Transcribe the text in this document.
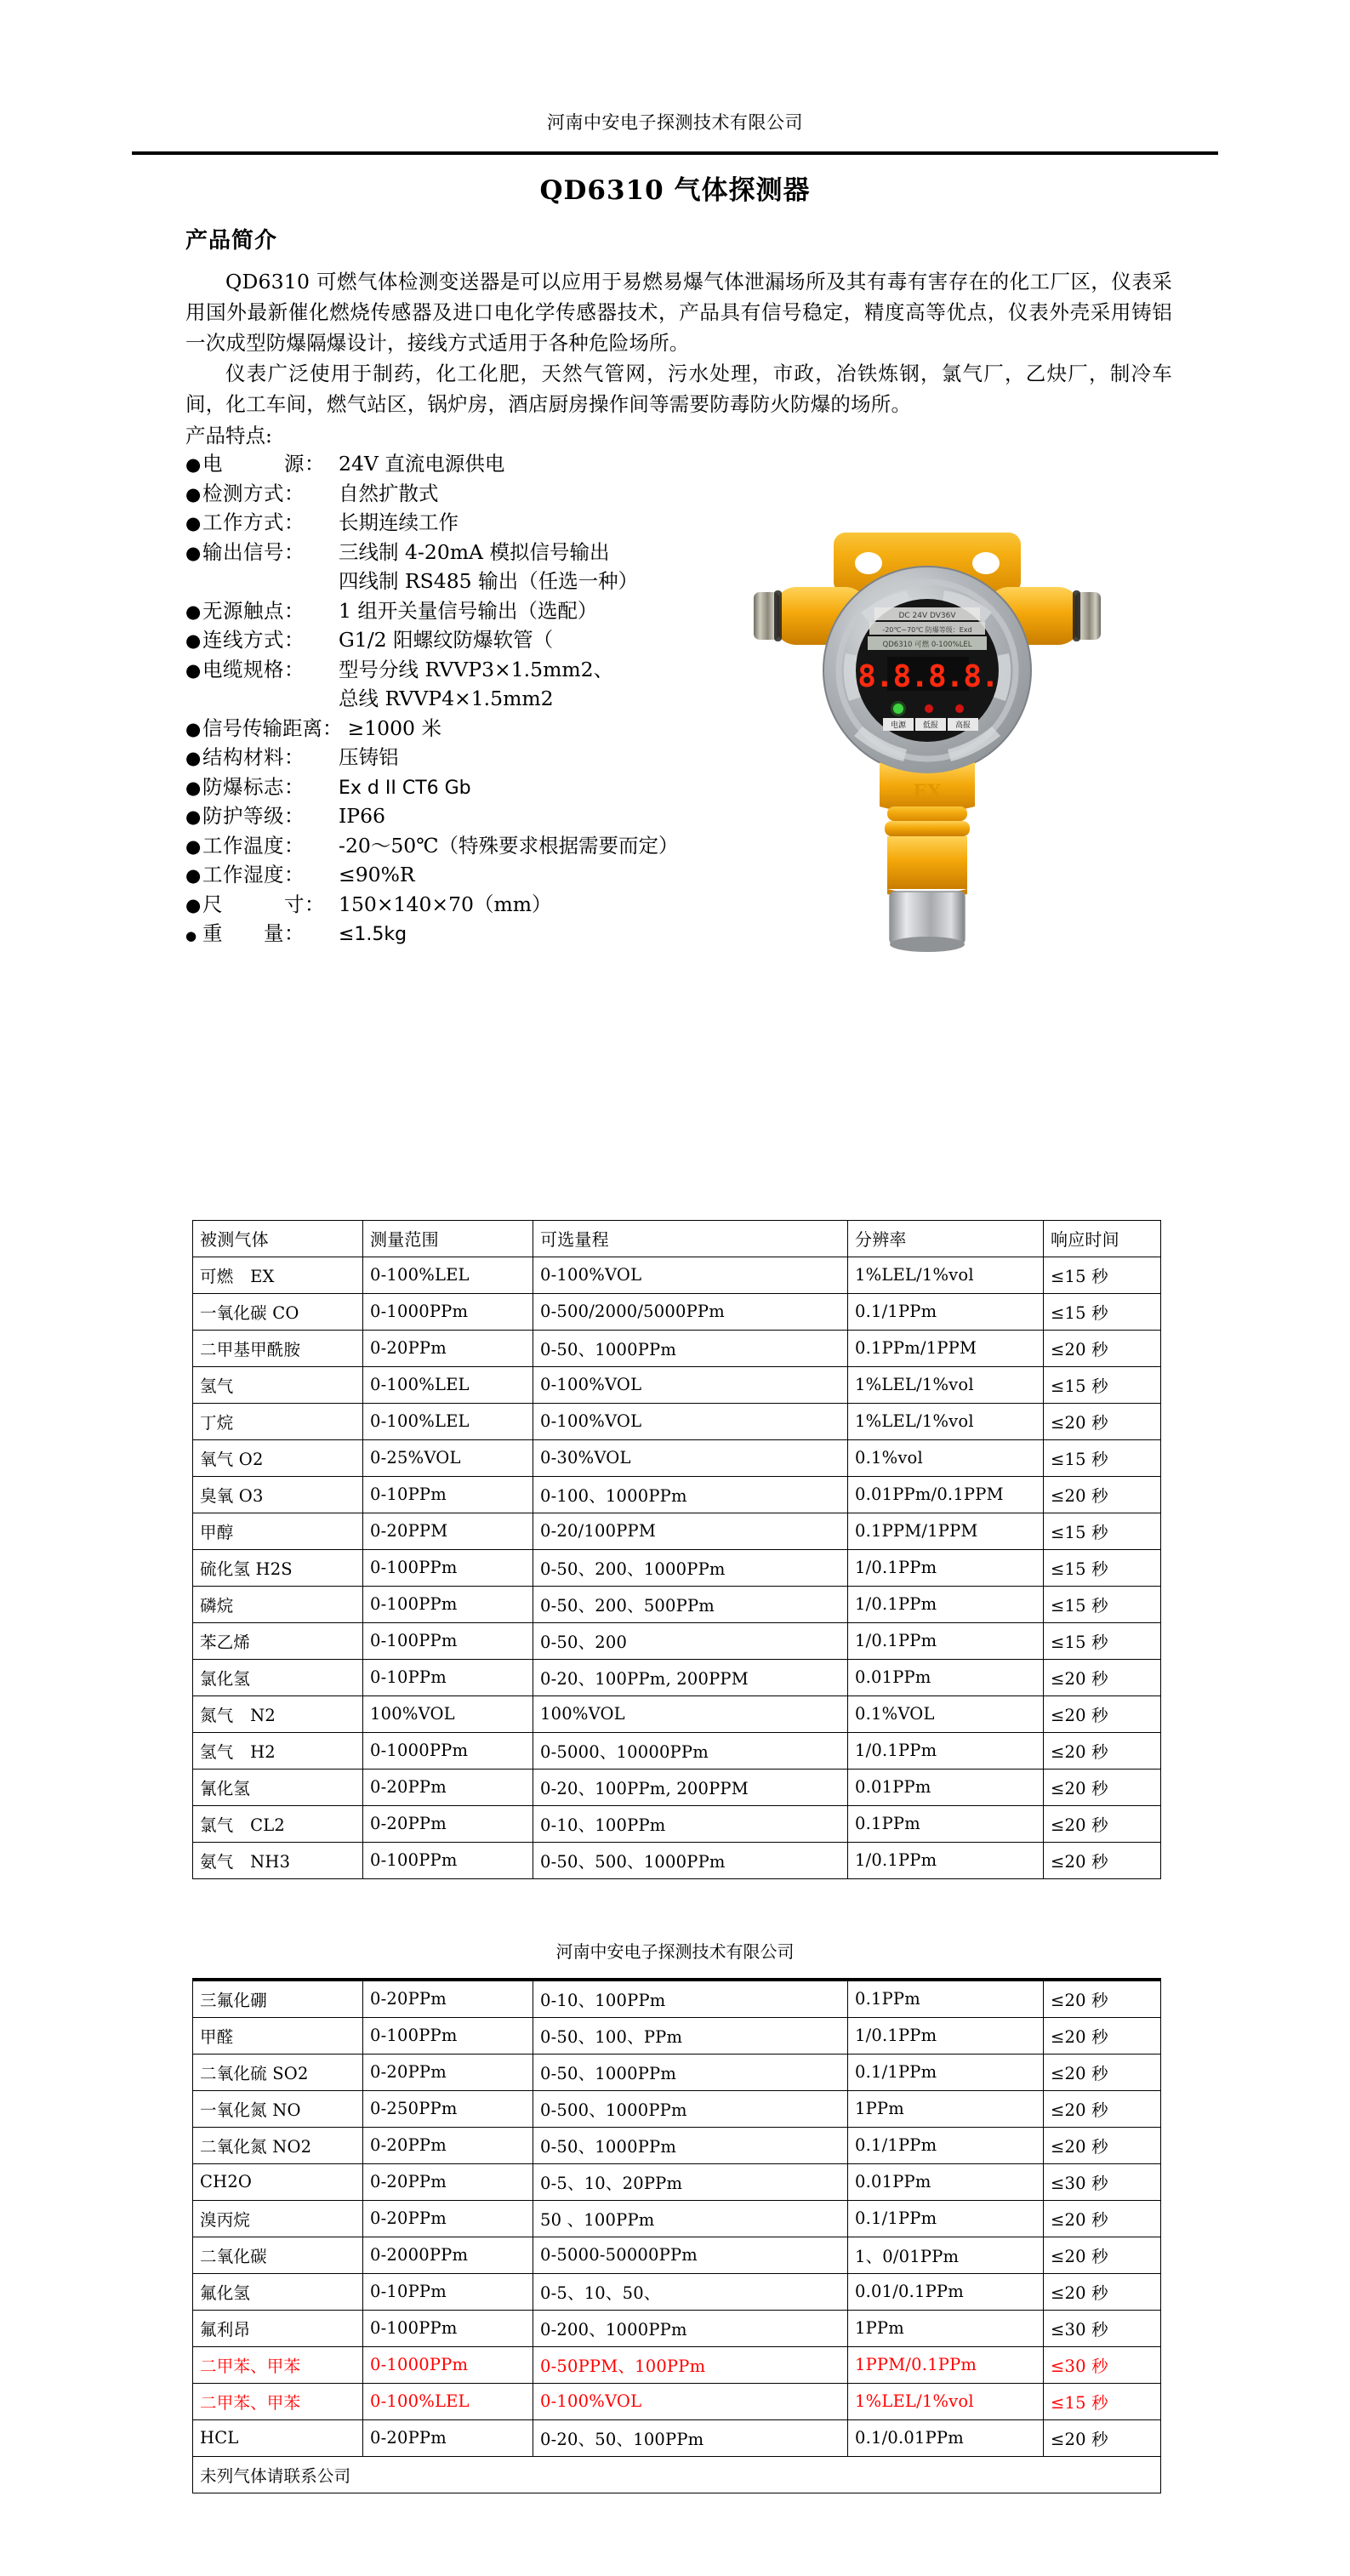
河南中安电子探测技术有限公司
QD6310 气体探测器
产品简介

QD6310 可燃气体检测变送器是可以应用于易燃易爆气体泄漏场所及其有毒有害存在的化工厂区，仪表采用国外最新催化燃烧传感器及进口电化学传感器技术，产品具有信号稳定，精度高等优点，仪表外壳采用铸铝一次成型防爆隔爆设计，接线方式适用于各种危险场所。

仪表广泛使用于制药，化工化肥，天然气管网，污水处理，市政，冶铁炼钢，氯气厂，乙炔厂，制冷车间，化工车间，燃气站区，锅炉房，酒店厨房操作间等需要防毒防火防爆的场所。

产品特点:
● 电　　　源： 24V 直流电源供电
● 检测方式：	自然扩散式
● 工作方式：	长期连续工作
● 输出信号：	三线制 4-20mA 模拟信号输出
四线制 RS485 输出（任选一种）
● 无源触点：	1 组开关量信号输出（选配）
● 连线方式：	G1/2 阳螺纹防爆软管（
● 电缆规格：	型号分线 RVVP3×1.5mm2、
总线 RVVP4×1.5mm2
● 信号传输距离： ≥1000 米
● 结构材料：	压铸铝
● 防爆标志：	Ex d II CT6 Gb
● 防护等级：	IP66
● 工作温度：	-20～50℃（特殊要求根据需要而定）
● 工作湿度：	≤90%R
● 尺　　　寸： 150×140×70（mm）
● 重　　量：	≤1.5kg
DC 24V DV36V
-20℃~70℃ 防爆等级：Exd
QD6310 可燃 0-100%LEL
8.8.8.8.
电源 低报 高报
EX
被测气体	测量范围	可选量程	分辨率	响应时间
可燃　EX	0-100%LEL	0-100%VOL	1%LEL/1%vol	≤15 秒
一氧化碳 CO	0-1000PPm	0-500/2000/5000PPm	0.1/1PPm	≤15 秒
二甲基甲酰胺	0-20PPm	0-50、1000PPm	0.1PPm/1PPM	≤20 秒
氢气	0-100%LEL	0-100%VOL	1%LEL/1%vol	≤15 秒
丁烷	0-100%LEL	0-100%VOL	1%LEL/1%vol	≤20 秒
氧气 O2	0-25%VOL	0-30%VOL	0.1%vol	≤15 秒
臭氧 O3	0-10PPm	0-100、1000PPm	0.01PPm/0.1PPM	≤20 秒
甲醇	0-20PPM	0-20/100PPM	0.1PPM/1PPM	≤15 秒
硫化氢 H2S	0-100PPm	0-50、200、1000PPm	1/0.1PPm	≤15 秒
磷烷	0-100PPm	0-50、200、500PPm	1/0.1PPm	≤15 秒
苯乙烯	0-100PPm	0-50、200	1/0.1PPm	≤15 秒
氯化氢	0-10PPm	0-20、100PPm, 200PPM	0.01PPm	≤20 秒
氮气　N2	100%VOL	100%VOL	0.1%VOL	≤20 秒
氢气　H2	0-1000PPm	0-5000、10000PPm	1/0.1PPm	≤20 秒
氰化氢	0-20PPm	0-20、100PPm, 200PPM	0.01PPm	≤20 秒
氯气　CL2	0-20PPm	0-10、100PPm	0.1PPm	≤20 秒
氨气　NH3	0-100PPm	0-50、500、1000PPm	1/0.1PPm	≤20 秒
河南中安电子探测技术有限公司
三氟化硼	0-20PPm	0-10、100PPm	0.1PPm	≤20 秒
甲醛	0-100PPm	0-50、100、PPm	1/0.1PPm	≤20 秒
二氧化硫 SO2	0-20PPm	0-50、1000PPm	0.1/1PPm	≤20 秒
一氧化氮 NO	0-250PPm	0-500、1000PPm	1PPm	≤20 秒
二氧化氮 NO2	0-20PPm	0-50、1000PPm	0.1/1PPm	≤20 秒
CH2O	0-20PPm	0-5、10、20PPm	0.01PPm	≤30 秒
溴丙烷	0-20PPm	50 、100PPm	0.1/1PPm	≤20 秒
二氧化碳	0-2000PPm	0-5000-50000PPm	1、0/01PPm	≤20 秒
氟化氢	0-10PPm	0-5、10、50、	0.01/0.1PPm	≤20 秒
氟利昂	0-100PPm	0-200、1000PPm	1PPm	≤30 秒
二甲苯、甲苯	0-1000PPm	0-50PPM、100PPm	1PPM/0.1PPm	≤30 秒
二甲苯、甲苯	0-100%LEL	0-100%VOL	1%LEL/1%vol	≤15 秒
HCL	0-20PPm	0-20、50、100PPm	0.1/0.01PPm	≤20 秒
未列气体请联系公司				
